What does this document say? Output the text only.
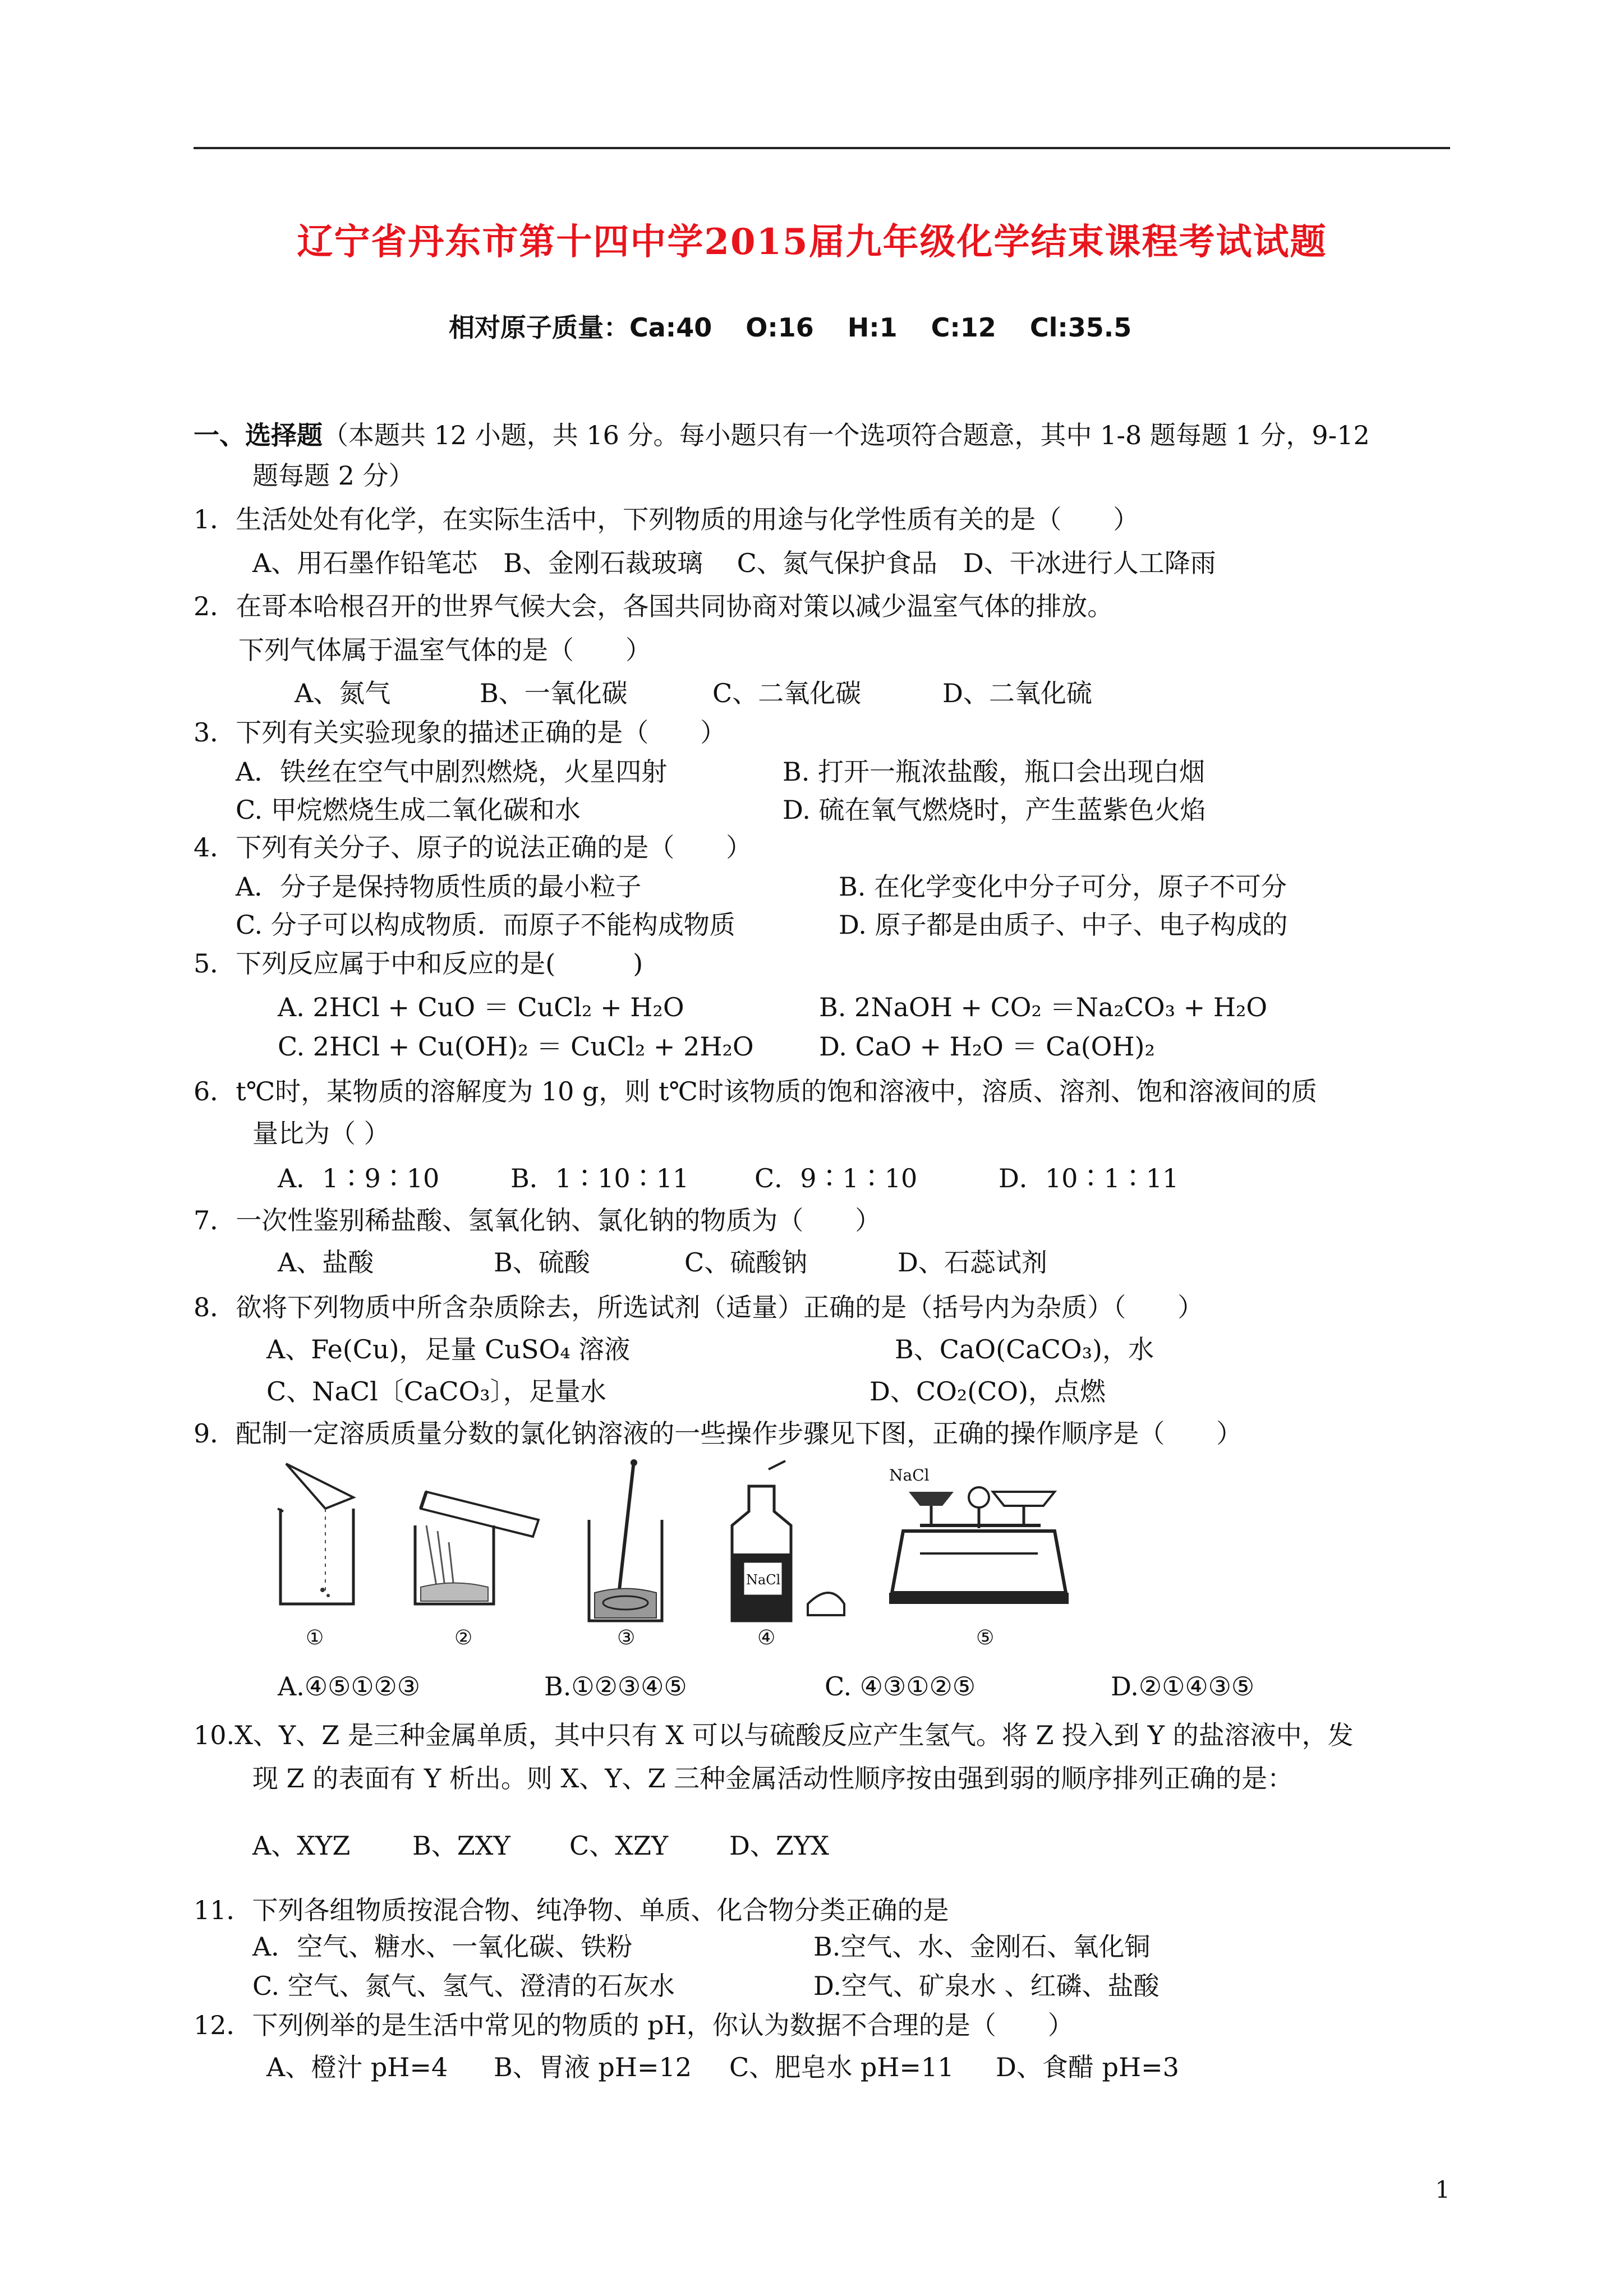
辽宁省丹东市第十四中学2015届九年级化学结束课程考试试题
相对原子质量：Ca:40 O:16 H:1 C:12 Cl:35.5
一、选择题（本题共 12 小题，共 16 分。每小题只有一个选项符合题意，其中 1-8 题每题 1 分，9-12
题每题 2 分）
1．生活处处有化学，在实际生活中，下列物质的用途与化学性质有关的是（　　）
A、用石墨作铅笔芯　B、金刚石裁玻璃　 C、氮气保护食品　D、干冰进行人工降雨
2．在哥本哈根召开的世界气候大会，各国共同协商对策以减少温室气体的排放。
下列气体属于温室气体的是（　　）
A、氮气	B、一氧化碳	C、二氧化碳	D、二氧化硫
3．下列有关实验现象的描述正确的是（　　）
A．铁丝在空气中剧烈燃烧，火星四射	B. 打开一瓶浓盐酸，瓶口会出现白烟
C. 甲烷燃烧生成二氧化碳和水	D. 硫在氧气燃烧时，产生蓝紫色火焰
4．下列有关分子、原子的说法正确的是（　　）
A．分子是保持物质性质的最小粒子	B. 在化学变化中分子可分，原子不可分
C. 分子可以构成物质．而原子不能构成物质	D. 原子都是由质子、中子、电子构成的
5．下列反应属于中和反应的是(　　　)
A. 2HCl + CuO ＝ CuCl₂ + H₂O	B. 2NaOH + CO₂ ＝Na₂CO₃ + H₂O
C. 2HCl + Cu(OH)₂ ＝ CuCl₂ + 2H₂O	D. CaO + H₂O ＝ Ca(OH)₂
6．t℃时，某物质的溶解度为 10 g，则 t℃时该物质的饱和溶液中，溶质、溶剂、饱和溶液间的质
量比为（ ）
A．1∶9∶10	B．1∶10∶11	C．9∶1∶10	D．10∶1∶11
7．一次性鉴别稀盐酸、氢氧化钠、氯化钠的物质为（　　）
A、盐酸	B、硫酸	C、硫酸钠	D、石蕊试剂
8．欲将下列物质中所含杂质除去，所选试剂（适量）正确的是（括号内为杂质）（　　）
A、Fe(Cu)，足量 CuSO₄ 溶液	B、CaO(CaCO₃)，水
C、NaCl〔CaCO₃〕，足量水	D、CO₂(CO)，点燃
9．配制一定溶质质量分数的氯化钠溶液的一些操作步骤见下图，正确的操作顺序是（　　）
NaCl
NaCl
①	②	③	④	⑤
A.④⑤①②③	B.①②③④⑤	C. ④③①②⑤	D.②①④③⑤
10.X、Y、Z 是三种金属单质，其中只有 X 可以与硫酸反应产生氢气。将 Z 投入到 Y 的盐溶液中，发
现 Z 的表面有 Y 析出。则 X、Y、Z 三种金属活动性顺序按由强到弱的顺序排列正确的是：
A、XYZ B、ZXY C、XZY D、ZYX
11．下列各组物质按混合物、纯净物、单质、化合物分类正确的是
A．空气、糖水、一氧化碳、铁粉	B.空气、水、金刚石、氧化铜
C. 空气、氮气、氢气、澄清的石灰水	D.空气、矿泉水 、红磷、盐酸
12．下列例举的是生活中常见的物质的 pH，你认为数据不合理的是（　　）
A、橙汁 pH=4 B、胃液 pH=12 C、肥皂水 pH=11 D、食醋 pH=3
1
